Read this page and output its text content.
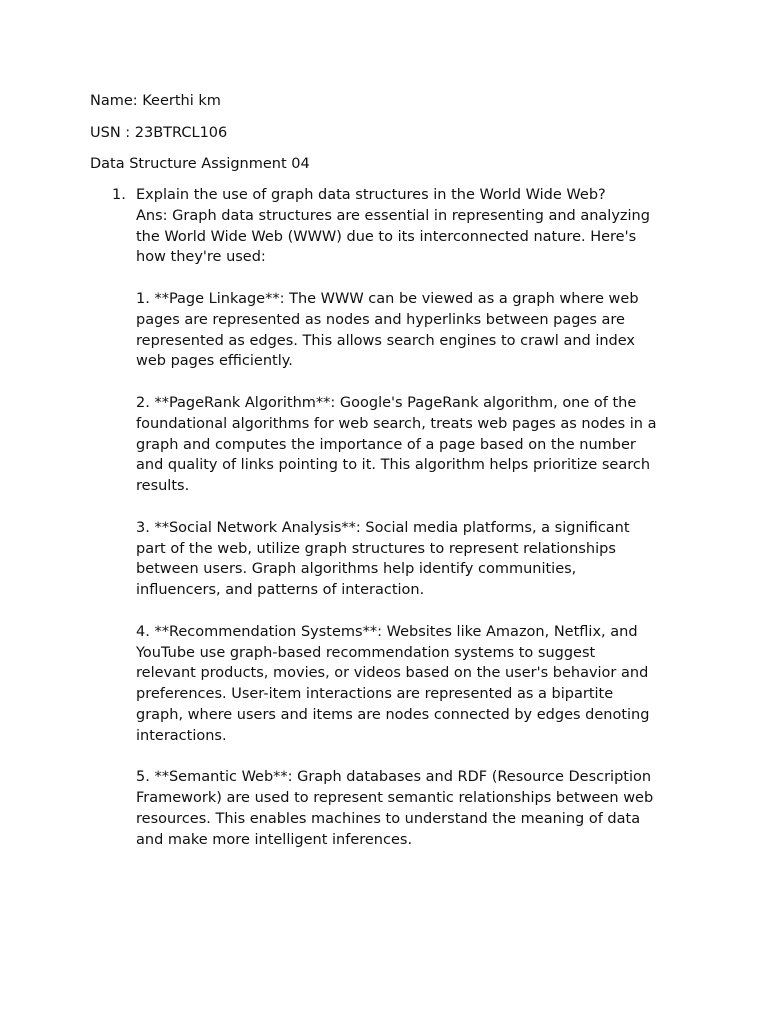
Name: Keerthi km
USN : 23BTRCL106
Data Structure Assignment 04
1. Explain the use of graph data structures in the World Wide Web?
Ans: Graph data structures are essential in representing and analyzing
the World Wide Web (WWW) due to its interconnected nature. Here's
how they're used:
1. **Page Linkage**: The WWW can be viewed as a graph where web
pages are represented as nodes and hyperlinks between pages are
represented as edges. This allows search engines to crawl and index
web pages efficiently.
2. **PageRank Algorithm**: Google's PageRank algorithm, one of the
foundational algorithms for web search, treats web pages as nodes in a
graph and computes the importance of a page based on the number
and quality of links pointing to it. This algorithm helps prioritize search
results.
3. **Social Network Analysis**: Social media platforms, a significant
part of the web, utilize graph structures to represent relationships
between users. Graph algorithms help identify communities,
influencers, and patterns of interaction.
4. **Recommendation Systems**: Websites like Amazon, Netflix, and
YouTube use graph-based recommendation systems to suggest
relevant products, movies, or videos based on the user's behavior and
preferences. User-item interactions are represented as a bipartite
graph, where users and items are nodes connected by edges denoting
interactions.
5. **Semantic Web**: Graph databases and RDF (Resource Description
Framework) are used to represent semantic relationships between web
resources. This enables machines to understand the meaning of data
and make more intelligent inferences.
